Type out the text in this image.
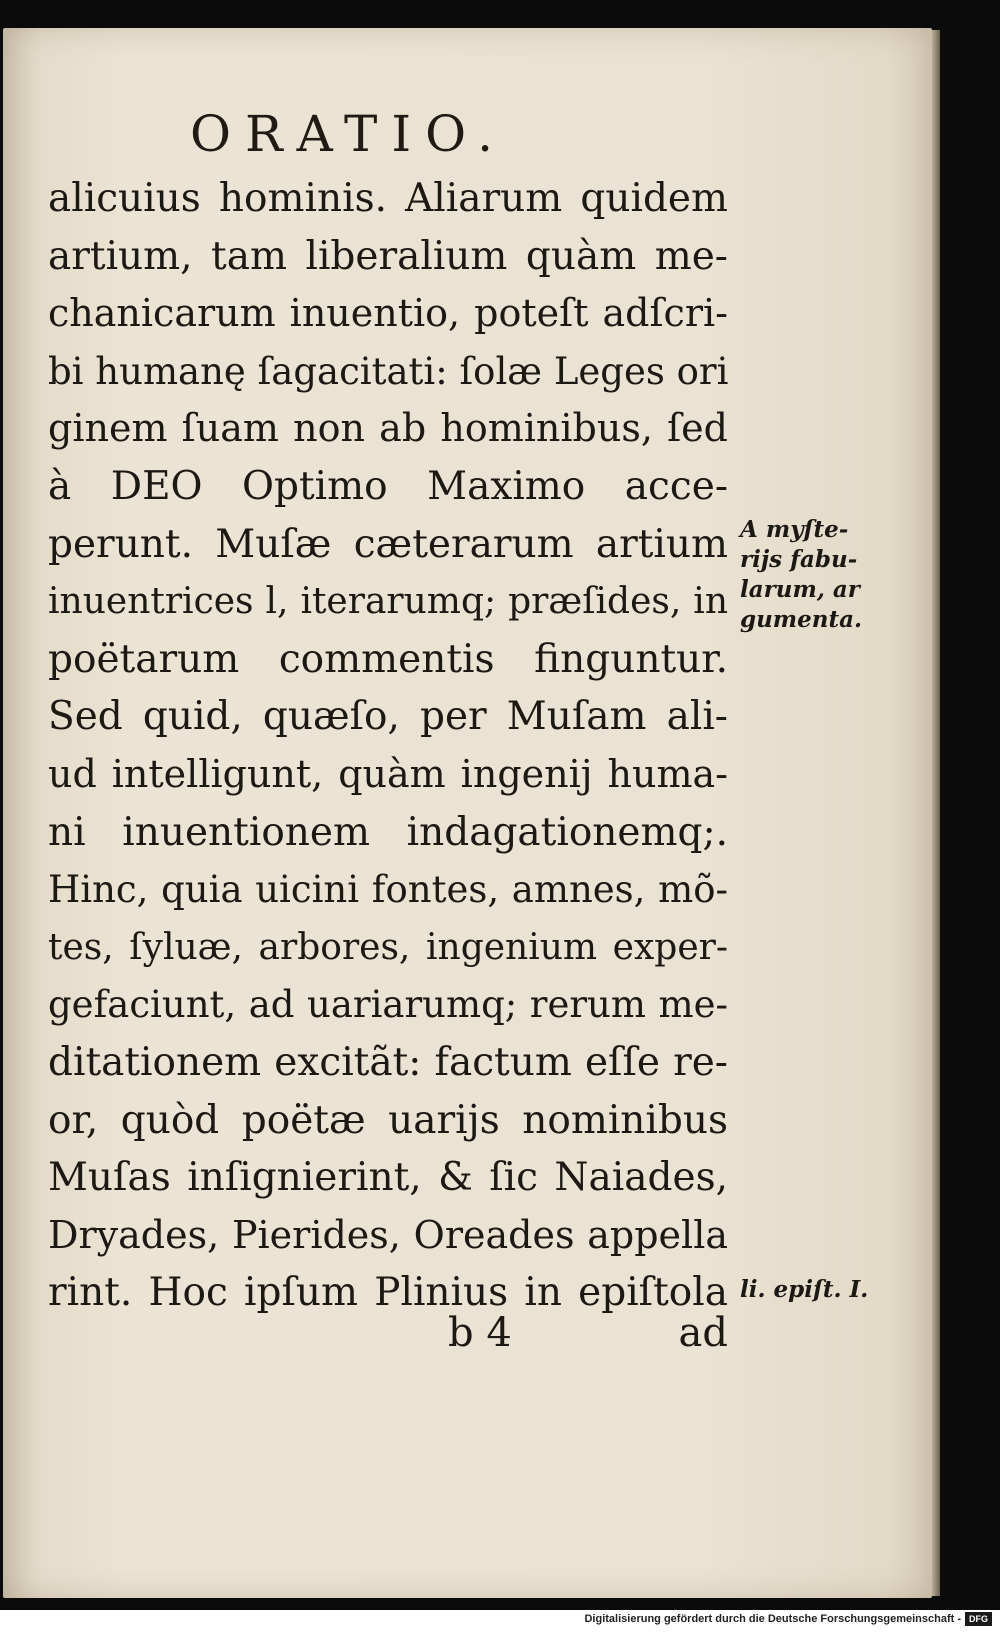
ORATIO.
alicuius hominis. Aliarum quidem
artium, tam liberalium quàm me-
chanicarum inuentio, poteſt adſcri-
bi humanę ſagacitati: ſolæ Leges ori
ginem ſuam non ab hominibus, ſed
à DEO Optimo Maximo acce-
perunt. Muſæ cæterarum artium
inuentrices l, iterarumq; præſides, in
poëtarum commentis finguntur.
Sed quid, quæſo, per Muſam ali-
ud intelligunt, quàm ingenij huma-
ni inuentionem indagationemq;.
Hinc, quia uicini fontes, amnes, mõ-
tes, ſyluæ, arbores, ingenium exper-
gefaciunt, ad uariarumq; rerum me-
ditationem excitãt: factum eſſe re-
or, quòd poëtæ uarijs nominibus
Muſas inſignierint, & ſic Naiades,
Dryades, Pierides, Oreades appella
rint. Hoc ipſum Plinius in epiſtola
A myſte-
rijs fabu-
larum, ar
gumenta.
li. epiſt. I.
b 4	ad
Digitalisierung gefördert durch die Deutsche Forschungsgemeinschaft - DFG
